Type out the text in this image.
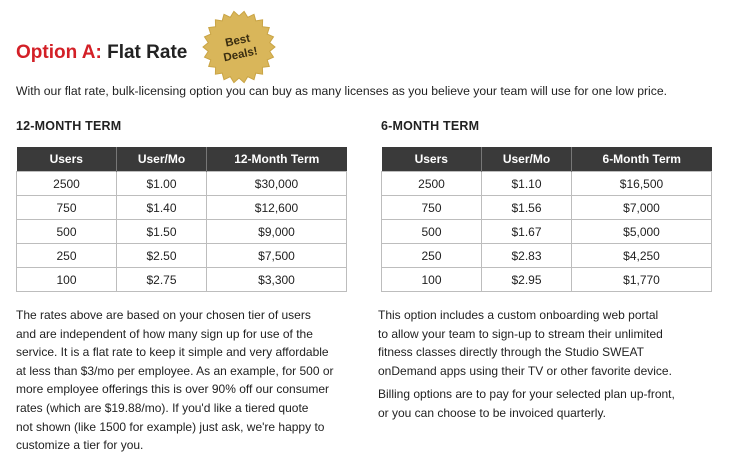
Option A: Flat Rate
Best
Deals!

With our flat rate, bulk-licensing option you can buy as many licenses as you believe your team will use for one low price.

12-MONTH TERM
Users	User/Mo	12-Month Term
2500	$1.00	$30,000
750	$1.40	$12,600
500	$1.50	$9,000
250	$2.50	$7,500
100	$2.75	$3,300
6-MONTH TERM
Users	User/Mo	6-Month Term
2500	$1.10	$16,500
750	$1.56	$7,000
500	$1.67	$5,000
250	$2.83	$4,250
100	$2.95	$1,770

The rates above are based on your chosen tier of users
and are independent of how many sign up for use of the
service. It is a flat rate to keep it simple and very affordable
at less than $3/mo per employee. As an example, for 500 or
more employee offerings this is over 90% off our consumer
rates (which are $19.88/mo). If you'd like a tiered quote
not shown (like 1500 for example) just ask, we're happy to
customize a tier for you.

This option includes a custom onboarding web portal
to allow your team to sign-up to stream their unlimited
fitness classes directly through the Studio SWEAT
onDemand apps using their TV or other favorite device.

Billing options are to pay for your selected plan up-front,
or you can choose to be invoiced quarterly.
